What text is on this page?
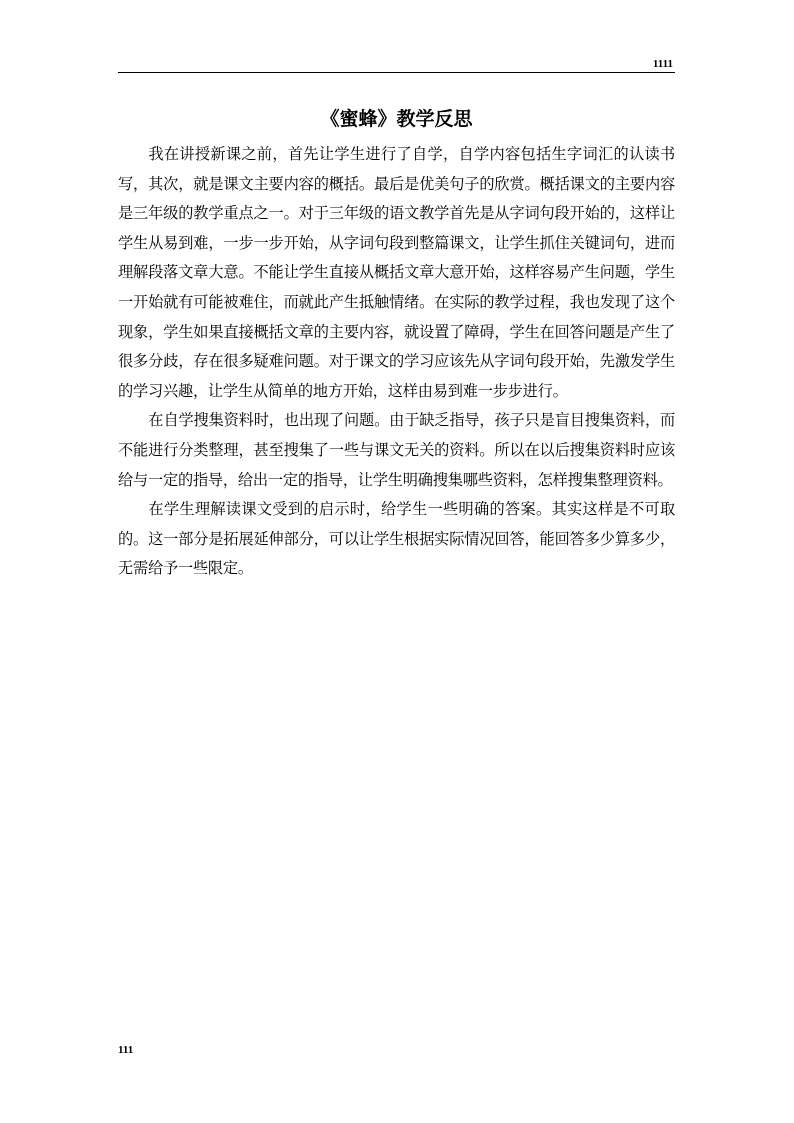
1111
《蜜蜂》教学反思

我在讲授新课之前，首先让学生进行了自学，自学内容包括生字词汇的认读书写，其次，就是课文主要内容的概括。最后是优美句子的欣赏。概括课文的主要内容是三年级的教学重点之一。对于三年级的语文教学首先是从字词句段开始的，这样让学生从易到难，一步一步开始，从字词句段到整篇课文，让学生抓住关键词句，进而理解段落文章大意。不能让学生直接从概括文章大意开始，这样容易产生问题，学生一开始就有可能被难住，而就此产生抵触情绪。在实际的教学过程，我也发现了这个现象，学生如果直接概括文章的主要内容，就设置了障碍，学生在回答问题是产生了很多分歧，存在很多疑难问题。对于课文的学习应该先从字词句段开始，先激发学生的学习兴趣，让学生从简单的地方开始，这样由易到难一步步进行。

在自学搜集资料时，也出现了问题。由于缺乏指导，孩子只是盲目搜集资料，而不能进行分类整理，甚至搜集了一些与课文无关的资料。所以在以后搜集资料时应该给与一定的指导，给出一定的指导，让学生明确搜集哪些资料，怎样搜集整理资料。

在学生理解读课文受到的启示时，给学生一些明确的答案。其实这样是不可取的。这一部分是拓展延伸部分，可以让学生根据实际情况回答，能回答多少算多少，无需给予一些限定。

111
